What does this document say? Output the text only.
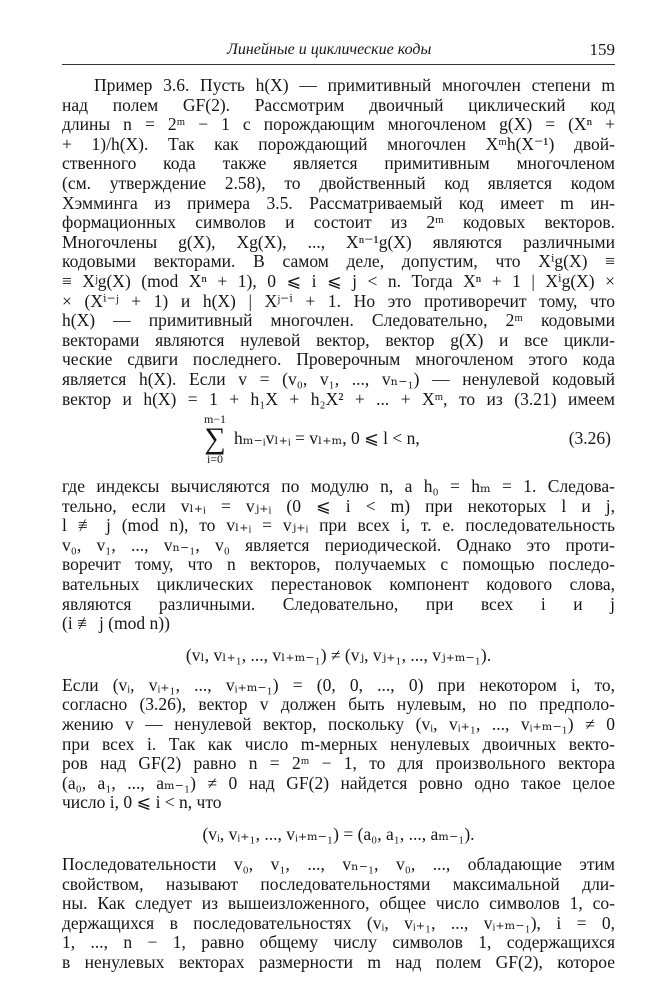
Линейные и циклические коды	159
Пример 3.6. Пусть h(X) — примитивный многочлен степени m
над полем GF(2). Рассмотрим двоичный циклический код
длины n = 2ᵐ − 1 с порождающим многочленом g(X) = (Xⁿ +
+ 1)/h(X). Так как порождающий многочлен Xᵐh(X⁻¹) двой-
ственного кода также является примитивным многочленом
(см. утверждение 2.58), то двойственный код является кодом
Хэмминга из примера 3.5. Рассматриваемый код имеет m ин-
формационных символов и состоит из 2ᵐ кодовых векторов.
Многочлены g(X), Xg(X), ..., Xⁿ⁻¹g(X) являются различными
кодовыми векторами. В самом деле, допустим, что Xⁱg(X) ≡
≡ Xʲg(X) (mod Xⁿ + 1), 0 ⩽ i ⩽ j < n. Тогда Xⁿ + 1 | Xⁱg(X) ×
× (Xⁱ⁻ʲ + 1) и h(X) | Xʲ⁻ⁱ + 1. Но это противоречит тому, что
h(X) — примитивный многочлен. Следовательно, 2ᵐ кодовыми
векторами являются нулевой вектор, вектор g(X) и все цикли-
ческие сдвиги последнего. Проверочным многочленом этого кода
является h(X). Если v = (v₀, v₁, ..., vₙ₋₁) — ненулевой кодовый
вектор и h(X) = 1 + h₁X + h₂X² + ... + Xᵐ, то из (3.21) имеем
m−1
∑
i=0
hₘ₋ᵢvₗ₊ᵢ = vₗ₊ₘ, 0 ⩽ l < n,	(3.26)
где индексы вычисляются по модулю n, а h₀ = hₘ = 1. Следова-
тельно, если vₗ₊ᵢ = vⱼ₊ᵢ (0 ⩽ i < m) при некоторых l и j,
l ≢ j (mod n), то vₗ₊ᵢ = vⱼ₊ᵢ при всех i, т. е. последовательность
v₀, v₁, ..., vₙ₋₁, v₀ является периодической. Однако это проти-
воречит тому, что n векторов, получаемых с помощью последо-
вательных циклических перестановок компонент кодового слова,
являются различными. Следовательно, при всех i и j
(i ≢ j (mod n))
(vₗ, vₗ₊₁, ..., vₗ₊ₘ₋₁) ≠ (vⱼ, vⱼ₊₁, ..., vⱼ₊ₘ₋₁).
Если (vᵢ, vᵢ₊₁, ..., vᵢ₊ₘ₋₁) = (0, 0, ..., 0) при некотором i, то,
согласно (3.26), вектор v должен быть нулевым, но по предполо-
жению v — ненулевой вектор, поскольку (vᵢ, vᵢ₊₁, ..., vᵢ₊ₘ₋₁) ≠ 0
при всех i. Так как число m-мерных ненулевых двоичных векто-
ров над GF(2) равно n = 2ᵐ − 1, то для произвольного вектора
(a₀, a₁, ..., aₘ₋₁) ≠ 0 над GF(2) найдется ровно одно такое целое
число i, 0 ⩽ i < n, что
(vᵢ, vᵢ₊₁, ..., vᵢ₊ₘ₋₁) = (a₀, a₁, ..., aₘ₋₁).
Последовательности v₀, v₁, ..., vₙ₋₁, v₀, ..., обладающие этим
свойством, называют последовательностями максимальной дли-
ны. Как следует из вышеизложенного, общее число символов 1, со-
держащихся в последовательностях (vᵢ, vᵢ₊₁, ..., vᵢ₊ₘ₋₁), i = 0,
1, ..., n − 1, равно общему числу символов 1, содержащихся
в ненулевых векторах размерности m над полем GF(2), которое
